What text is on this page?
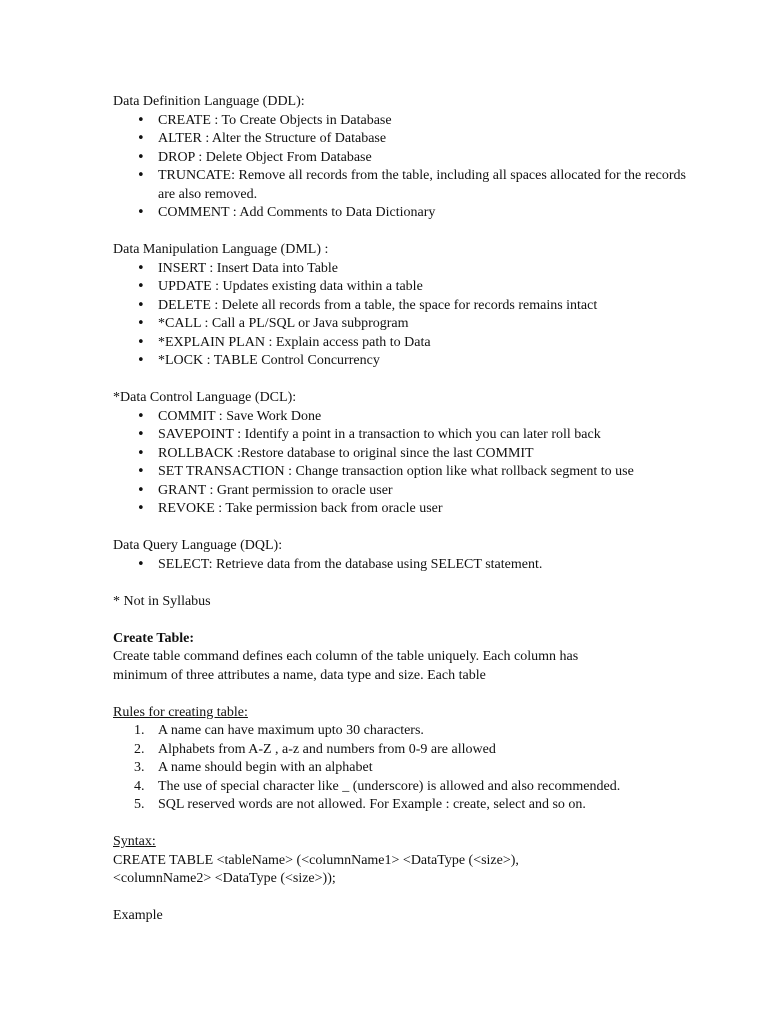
Data Definition Language (DDL):

• CREATE : To Create Objects in Database
• ALTER : Alter the Structure of Database
• DROP : Delete Object From Database
• TRUNCATE: Remove all records from the table, including all spaces allocated for the records are also removed.
• COMMENT : Add Comments to Data Dictionary

Data Manipulation Language (DML) :

• INSERT : Insert Data into Table
• UPDATE : Updates existing data within a table
• DELETE : Delete all records from a table, the space for records remains intact
• *CALL : Call a PL/SQL or Java subprogram
• *EXPLAIN PLAN : Explain access path to Data
• *LOCK : TABLE Control Concurrency

*Data Control Language (DCL):

• COMMIT : Save Work Done
• SAVEPOINT : Identify a point in a transaction to which you can later roll back
• ROLLBACK :Restore database to original since the last COMMIT
• SET TRANSACTION : Change transaction option like what rollback segment to use
• GRANT : Grant permission to oracle user
• REVOKE : Take permission back from oracle user

Data Query Language (DQL):

• SELECT: Retrieve data from the database using SELECT statement.

* Not in Syllabus

Create Table:

Create table command defines each column of the table uniquely. Each column has minimum of three attributes a name, data type and size. Each table

Rules for creating table:

1. A name can have maximum upto 30 characters.
2. Alphabets from A-Z , a-z and numbers from 0-9 are allowed
3. A name should begin with an alphabet
4. The use of special character like _ (underscore) is allowed and also recommended.
5. SQL reserved words are not allowed. For Example : create, select and so on.

Syntax:

CREATE TABLE <tableName> (<columnName1> <DataType (<size>),

<columnName2> <DataType (<size>));

Example
